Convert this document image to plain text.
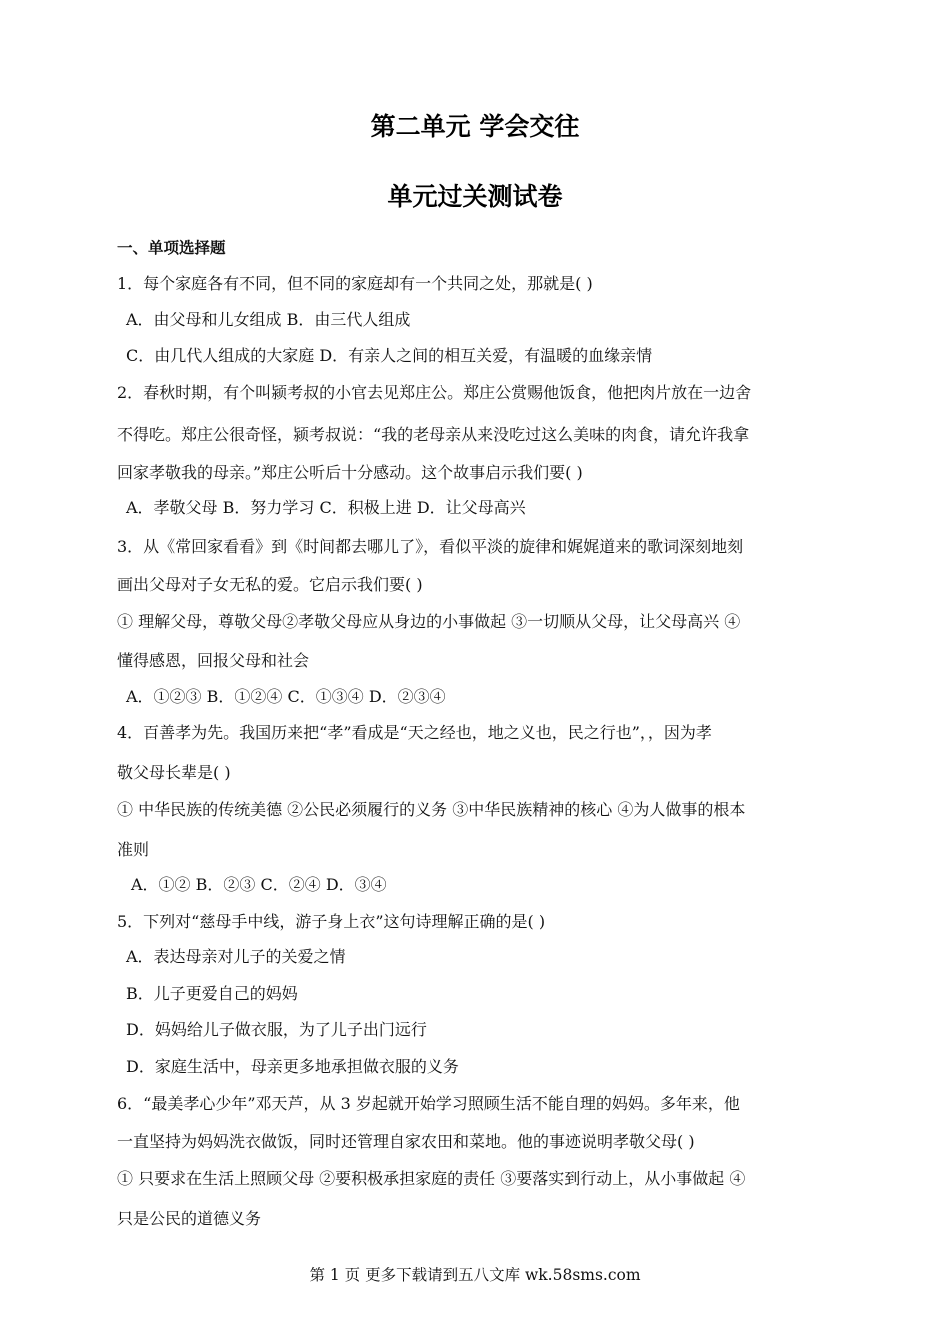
第二单元 学会交往
单元过关测试卷
一、单项选择题
1．每个家庭各有不同，但不同的家庭却有一个共同之处，那就是( )
A．由父母和儿女组成 B．由三代人组成
C．由几代人组成的大家庭 D．有亲人之间的相互关爱，有温暖的血缘亲情
2．春秋时期，有个叫颍考叔的小官去见郑庄公。郑庄公赏赐他饭食，他把肉片放在一边舍
不得吃。郑庄公很奇怪，颍考叔说：“我的老母亲从来没吃过这么美味的肉食，请允许我拿
回家孝敬我的母亲。”郑庄公听后十分感动。这个故事启示我们要( )
A．孝敬父母 B．努力学习 C．积极上进 D．让父母高兴
3．从《常回家看看》到《时间都去哪儿了》，看似平淡的旋律和娓娓道来的歌词深刻地刻
画出父母对子女无私的爱。它启示我们要( )
① 理解父母，尊敬父母②孝敬父母应从身边的小事做起 ③一切顺从父母，让父母高兴 ④
懂得感恩，回报父母和社会
A．①②③ B．①②④ C．①③④ D．②③④
4．百善孝为先。我国历来把“孝”看成是“天之经也，地之义也，民之行也”，，因为孝
敬父母长辈是( )
① 中华民族的传统美德 ②公民必须履行的义务 ③中华民族精神的核心 ④为人做事的根本
准则
A．①② B．②③ C．②④ D．③④
5．下列对“慈母手中线，游子身上衣”这句诗理解正确的是( )
A．表达母亲对儿子的关爱之情
B．儿子更爱自己的妈妈
D．妈妈给儿子做衣服，为了儿子出门远行
D．家庭生活中，母亲更多地承担做衣服的义务
6．“最美孝心少年”邓天芦，从 3 岁起就开始学习照顾生活不能自理的妈妈。多年来，他
一直坚持为妈妈洗衣做饭，同时还管理自家农田和菜地。他的事迹说明孝敬父母( )
① 只要求在生活上照顾父母 ②要积极承担家庭的责任 ③要落实到行动上，从小事做起 ④
只是公民的道德义务
第 1 页 更多下载请到五八文库 wk.58sms.com
